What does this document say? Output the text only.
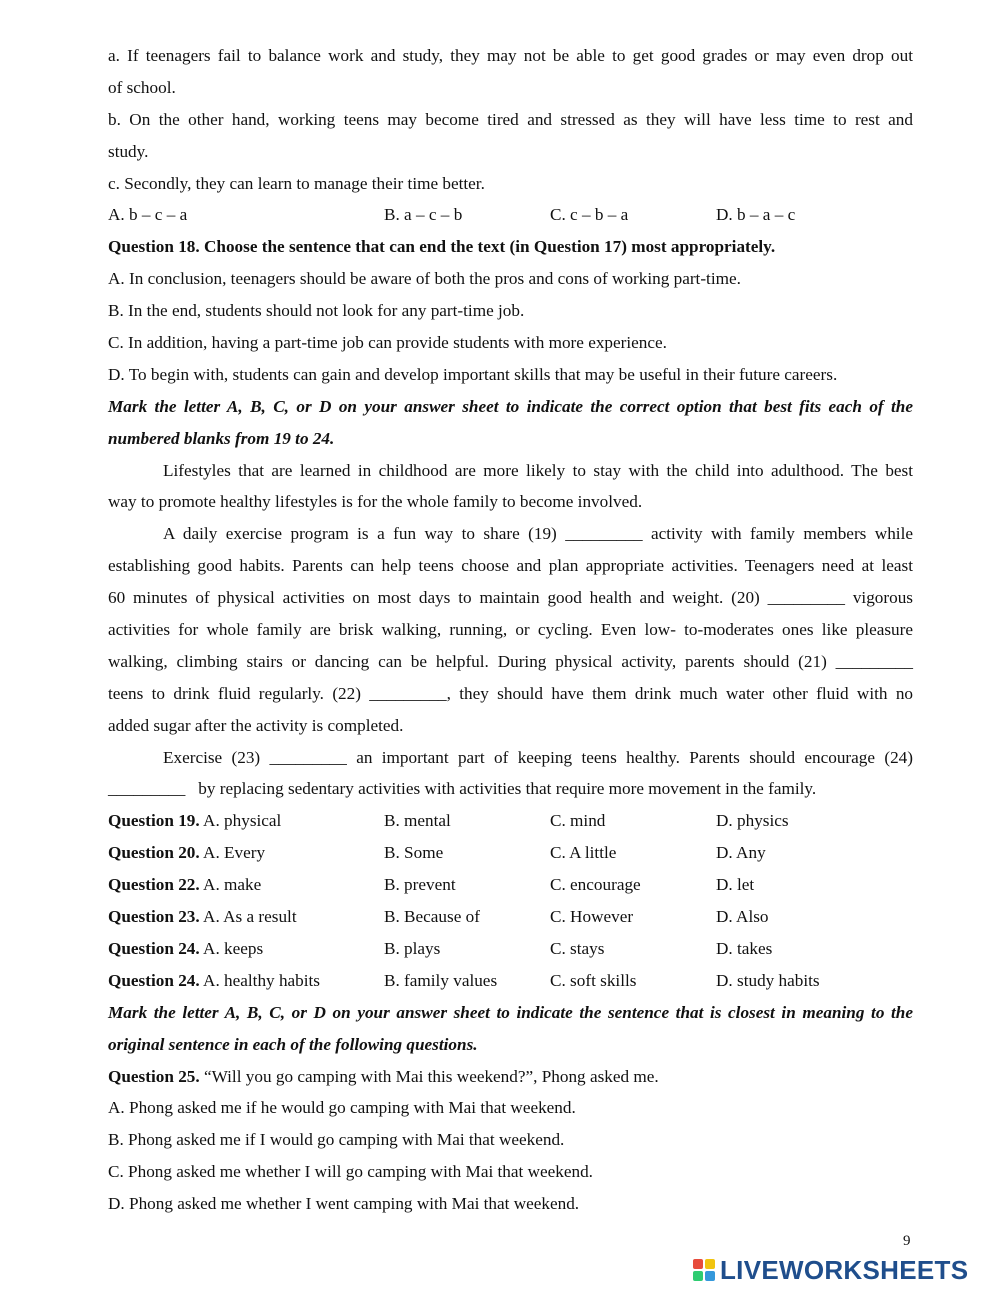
a. If teenagers fail to balance work and study, they may not be able to get good grades or may even drop out
of school.
b. On the other hand, working teens may become tired and stressed as they will have less time to rest and
study.
c. Secondly, they can learn to manage their time better.
A. b – c – a	B. a – c – b	C. c – b – a	D. b – a – c
Question 18. Choose the sentence that can end the text (in Question 17) most appropriately.
A. In conclusion, teenagers should be aware of both the pros and cons of working part-time.
B. In the end, students should not look for any part-time job.
C. In addition, having a part-time job can provide students with more experience.
D. To begin with, students can gain and develop important skills that may be useful in their future careers.
Mark the letter A, B, C, or D on your answer sheet to indicate the correct option that best fits each of the
numbered blanks from 19 to 24.
Lifestyles that are learned in childhood are more likely to stay with the child into adulthood. The best
way to promote healthy lifestyles is for the whole family to become involved.
A daily exercise program is a fun way to share (19) _________ activity with family members while
establishing good habits. Parents can help teens choose and plan appropriate activities. Teenagers need at least
60 minutes of physical activities on most days to maintain good health and weight. (20) _________ vigorous
activities for whole family are brisk walking, running, or cycling. Even low- to-moderates ones like pleasure
walking, climbing stairs or dancing can be helpful. During physical activity, parents should (21) _________
teens to drink fluid regularly. (22) _________, they should have them drink much water other fluid with no
added sugar after the activity is completed.
Exercise (23) _________ an important part of keeping teens healthy. Parents should encourage (24)
_________   by replacing sedentary activities with activities that require more movement in the family.
Question 19. A. physical	B. mental	C. mind	D. physics
Question 20. A. Every	B. Some	C. A little	D. Any
Question 22. A. make	B. prevent	C. encourage	D. let
Question 23. A. As a result	B. Because of	C. However	D. Also
Question 24. A. keeps	B. plays	C. stays	D. takes
Question 24. A. healthy habits	B. family values	C. soft skills	D. study habits
Mark the letter A, B, C, or D on your answer sheet to indicate the sentence that is closest in meaning to the
original sentence in each of the following questions.
Question 25. “Will you go camping with Mai this weekend?”, Phong asked me.
A. Phong asked me if he would go camping with Mai that weekend.
B. Phong asked me if I would go camping with Mai that weekend.
C. Phong asked me whether I will go camping with Mai that weekend.
D. Phong asked me whether I went camping with Mai that weekend.
9
LIVEWORKSHEETS
